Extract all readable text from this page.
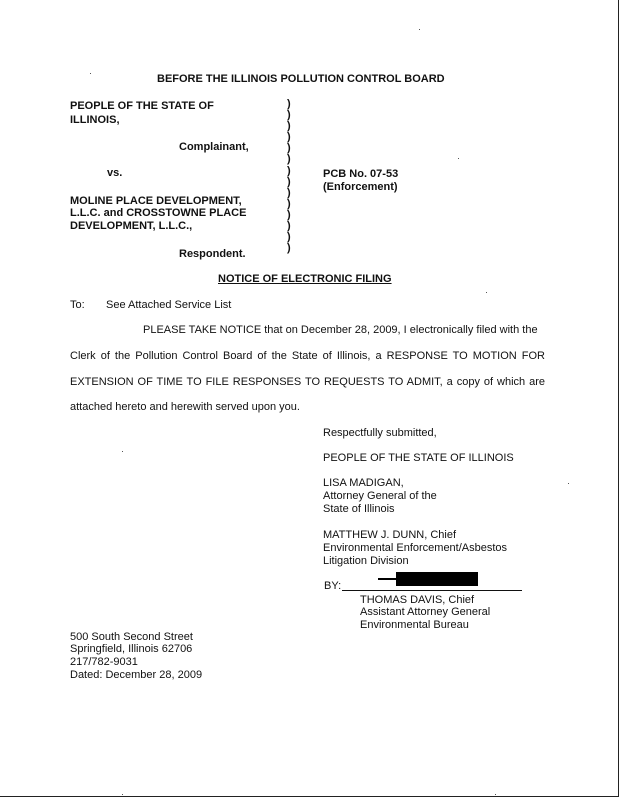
BEFORE THE ILLINOIS POLLUTION CONTROL BOARD
PEOPLE OF THE STATE OF
ILLINOIS,
Complainant,
vs.
MOLINE PLACE DEVELOPMENT,
L.L.C. and CROSSTOWNE PLACE
DEVELOPMENT, L.L.C.,
Respondent.
)
)
)
)
)
)
)
)
)
)
)
)
)
)
PCB No. 07-53
(Enforcement)
NOTICE OF ELECTRONIC FILING
To: See Attached Service List
PLEASE TAKE NOTICE that on December 28, 2009, I electronically filed with the
Clerk of the Pollution Control Board of the State of Illinois, a RESPONSE TO MOTION FOR
EXTENSION OF TIME TO FILE RESPONSES TO REQUESTS TO ADMIT, a copy of which are
attached hereto and herewith served upon you.
Respectfully submitted,
PEOPLE OF THE STATE OF ILLINOIS
LISA MADIGAN,
Attorney General of the
State of Illinois
MATTHEW J. DUNN, Chief
Environmental Enforcement/Asbestos
Litigation Division
BY:
THOMAS DAVIS, Chief
Assistant Attorney General
Environmental Bureau
500 South Second Street
Springfield, Illinois 62706
217/782-9031
Dated: December 28, 2009
